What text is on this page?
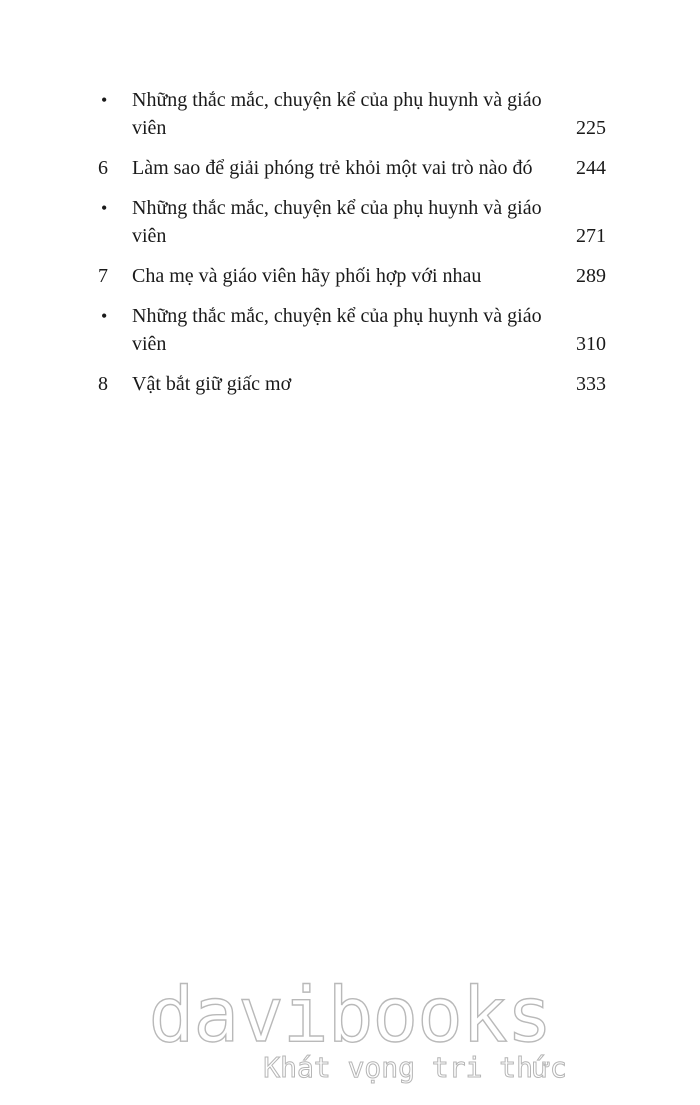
•	Những thắc mắc, chuyện kể của phụ huynh và giáo viên	225
6	Làm sao để giải phóng trẻ khỏi một vai trò nào đó	244
•	Những thắc mắc, chuyện kể của phụ huynh và giáo viên	271
7	Cha mẹ và giáo viên hãy phối hợp với nhau	289
•	Những thắc mắc, chuyện kể của phụ huynh và giáo viên	310
8	Vật bắt giữ giấc mơ	333
davibooks
Khát vọng tri thức
